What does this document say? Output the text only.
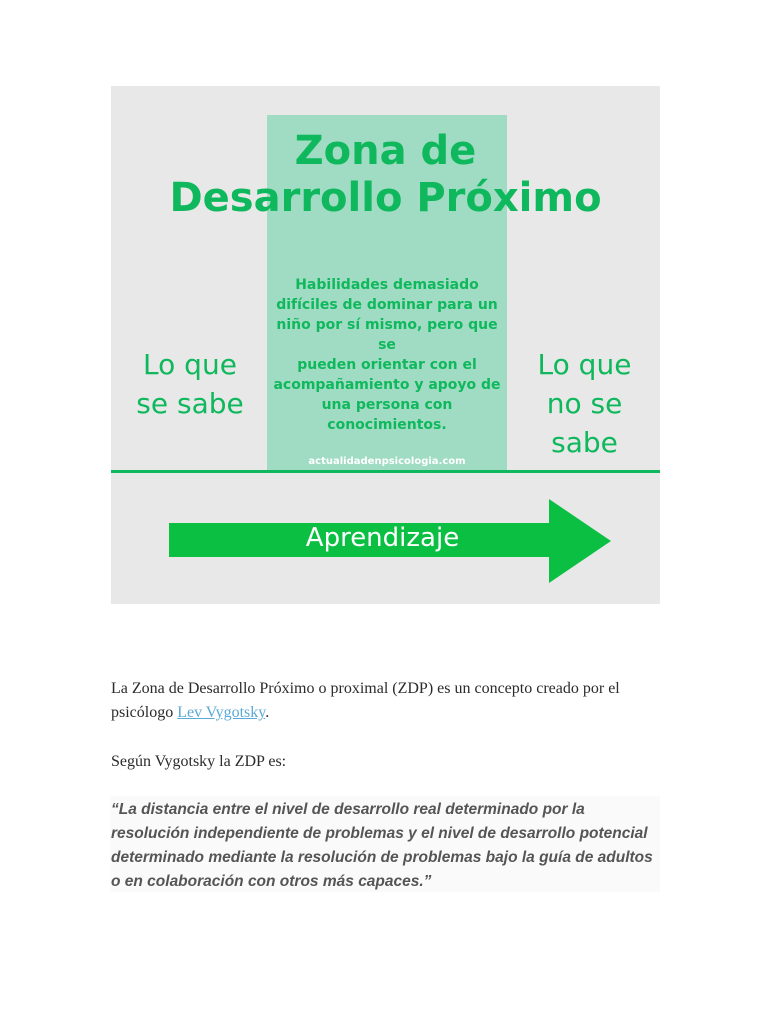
Zona de
Desarrollo Próximo

Habilidades demasiado
difíciles de dominar para un
niño por sí mismo, pero que se
pueden orientar con el
acompañamiento y apoyo de
una persona con
conocimientos.

actualidadenpsicologia.com
Lo que
se sabe
Lo que
no se
sabe
Aprendizaje

La Zona de Desarrollo Próximo o proximal (ZDP) es un concepto creado por el psicólogo Lev Vygotsky.

Según Vygotsky la ZDP es:

“La distancia entre el nivel de desarrollo real determinado por la resolución independiente de problemas y el nivel de desarrollo potencial determinado mediante la resolución de problemas bajo la guía de adultos o en colaboración con otros más capaces.”
